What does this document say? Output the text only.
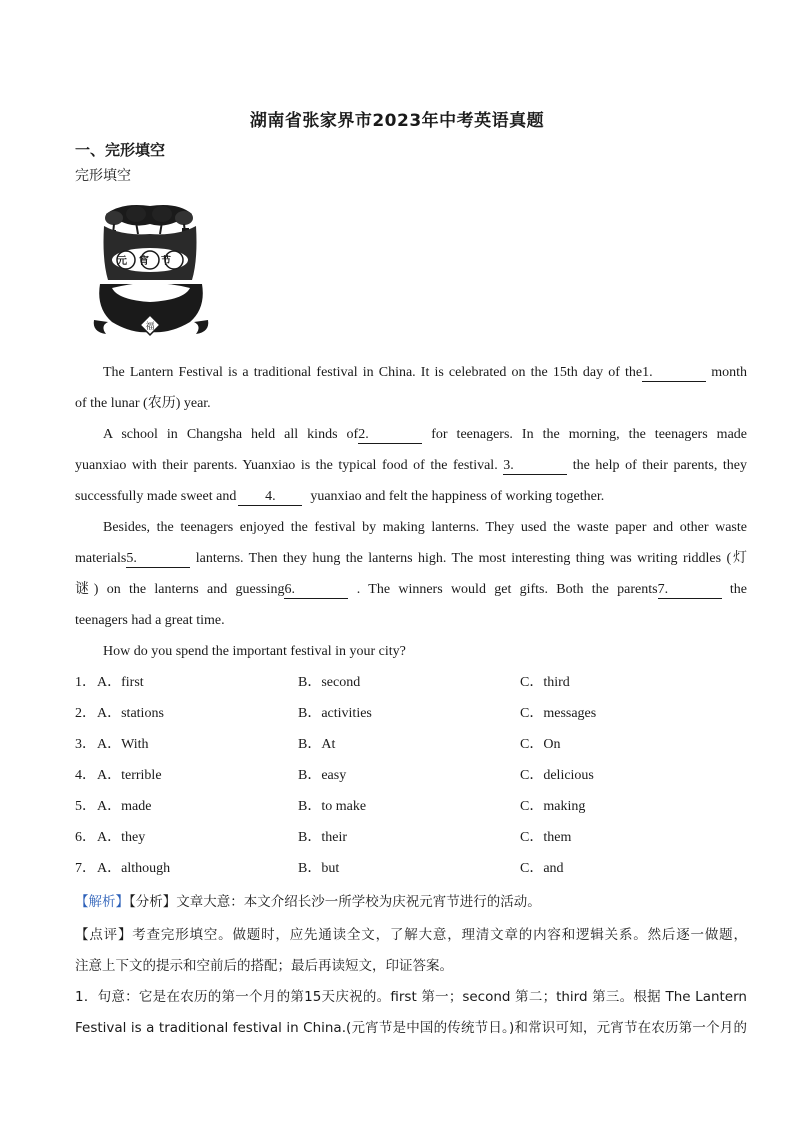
湖南省张家界市2023年中考英语真题
一、完形填空
完形填空
元宵节
福
The Lantern Festival is a traditional festival in China. It is celebrated on the 15th day of the1.	month
of the lunar (农历) year.
A school in Changsha held all kinds of2.	for teenagers. In the morning, the teenagers made
yuanxiao with their parents. Yuanxiao is the typical food of the festival. 3.	the help of their parents, they
successfully made sweet and 4. yuanxiao and felt the happiness of working together.
Besides, the teenagers enjoyed the festival by making lanterns. They used the waste paper and other waste
materials5.	lanterns. Then they hung the lanterns high. The most interesting thing was writing riddles (灯
谜) on the lanterns and guessing6.	. The winners would get gifts. Both the parents7.	the
teenagers had a great time.
How do you spend the important festival in your city?
1． A．first	B．second	C．third
2． A．stations	B．activities	C．messages
3． A．With	B．At	C．On
4． A．terrible	B．easy	C．delicious
5． A．made	B．to make	C．making
6． A．they	B．their	C．them
7． A．although	B．but	C．and
【解析】【分析】文章大意：本文介绍长沙一所学校为庆祝元宵节进行的活动。
【点评】考查完形填空。做题时，应先通读全文，了解大意，理清文章的内容和逻辑关系。然后逐一做题，
注意上下文的提示和空前后的搭配；最后再读短文，印证答案。
1．句意：它是在农历的第一个月的第15天庆祝的。first 第一；second 第二；third 第三。根据 The Lantern
Festival is a traditional festival in China.(元宵节是中国的传统节日。)和常识可知，元宵节在农历第一个月的
